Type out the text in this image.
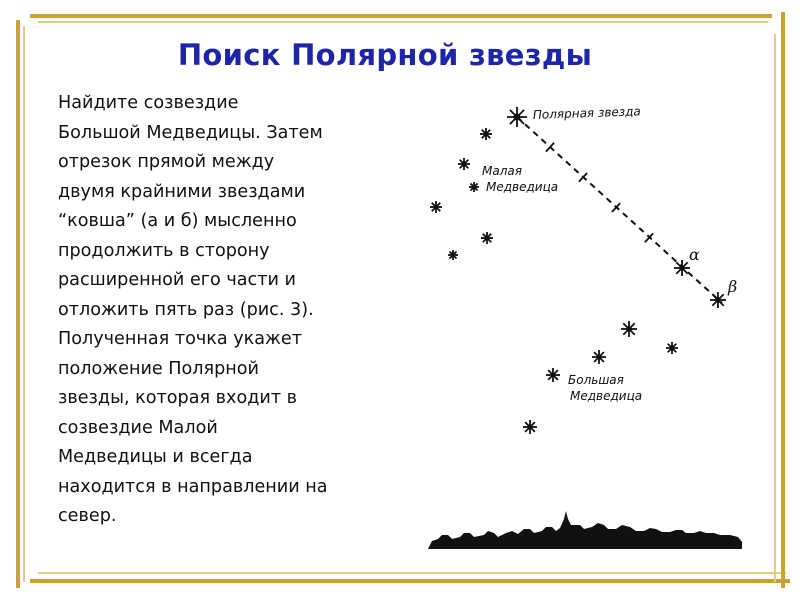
Поиск Полярной звезды
Найдите созвездие
Большой Медведицы. Затем
отрезок прямой между
двумя крайними звездами
“ковша” (а и б) мысленно
продолжить в сторону
расширенной его части и
отложить пять раз (рис. 3).
Полученная точка укажет
положение Полярной
звезды, которая входит в
созвездие Малой
Медведицы и всегда
находится в направлении на
север.
Полярная звезда
Малая
Медведица
Большая
Медведица
α
β
